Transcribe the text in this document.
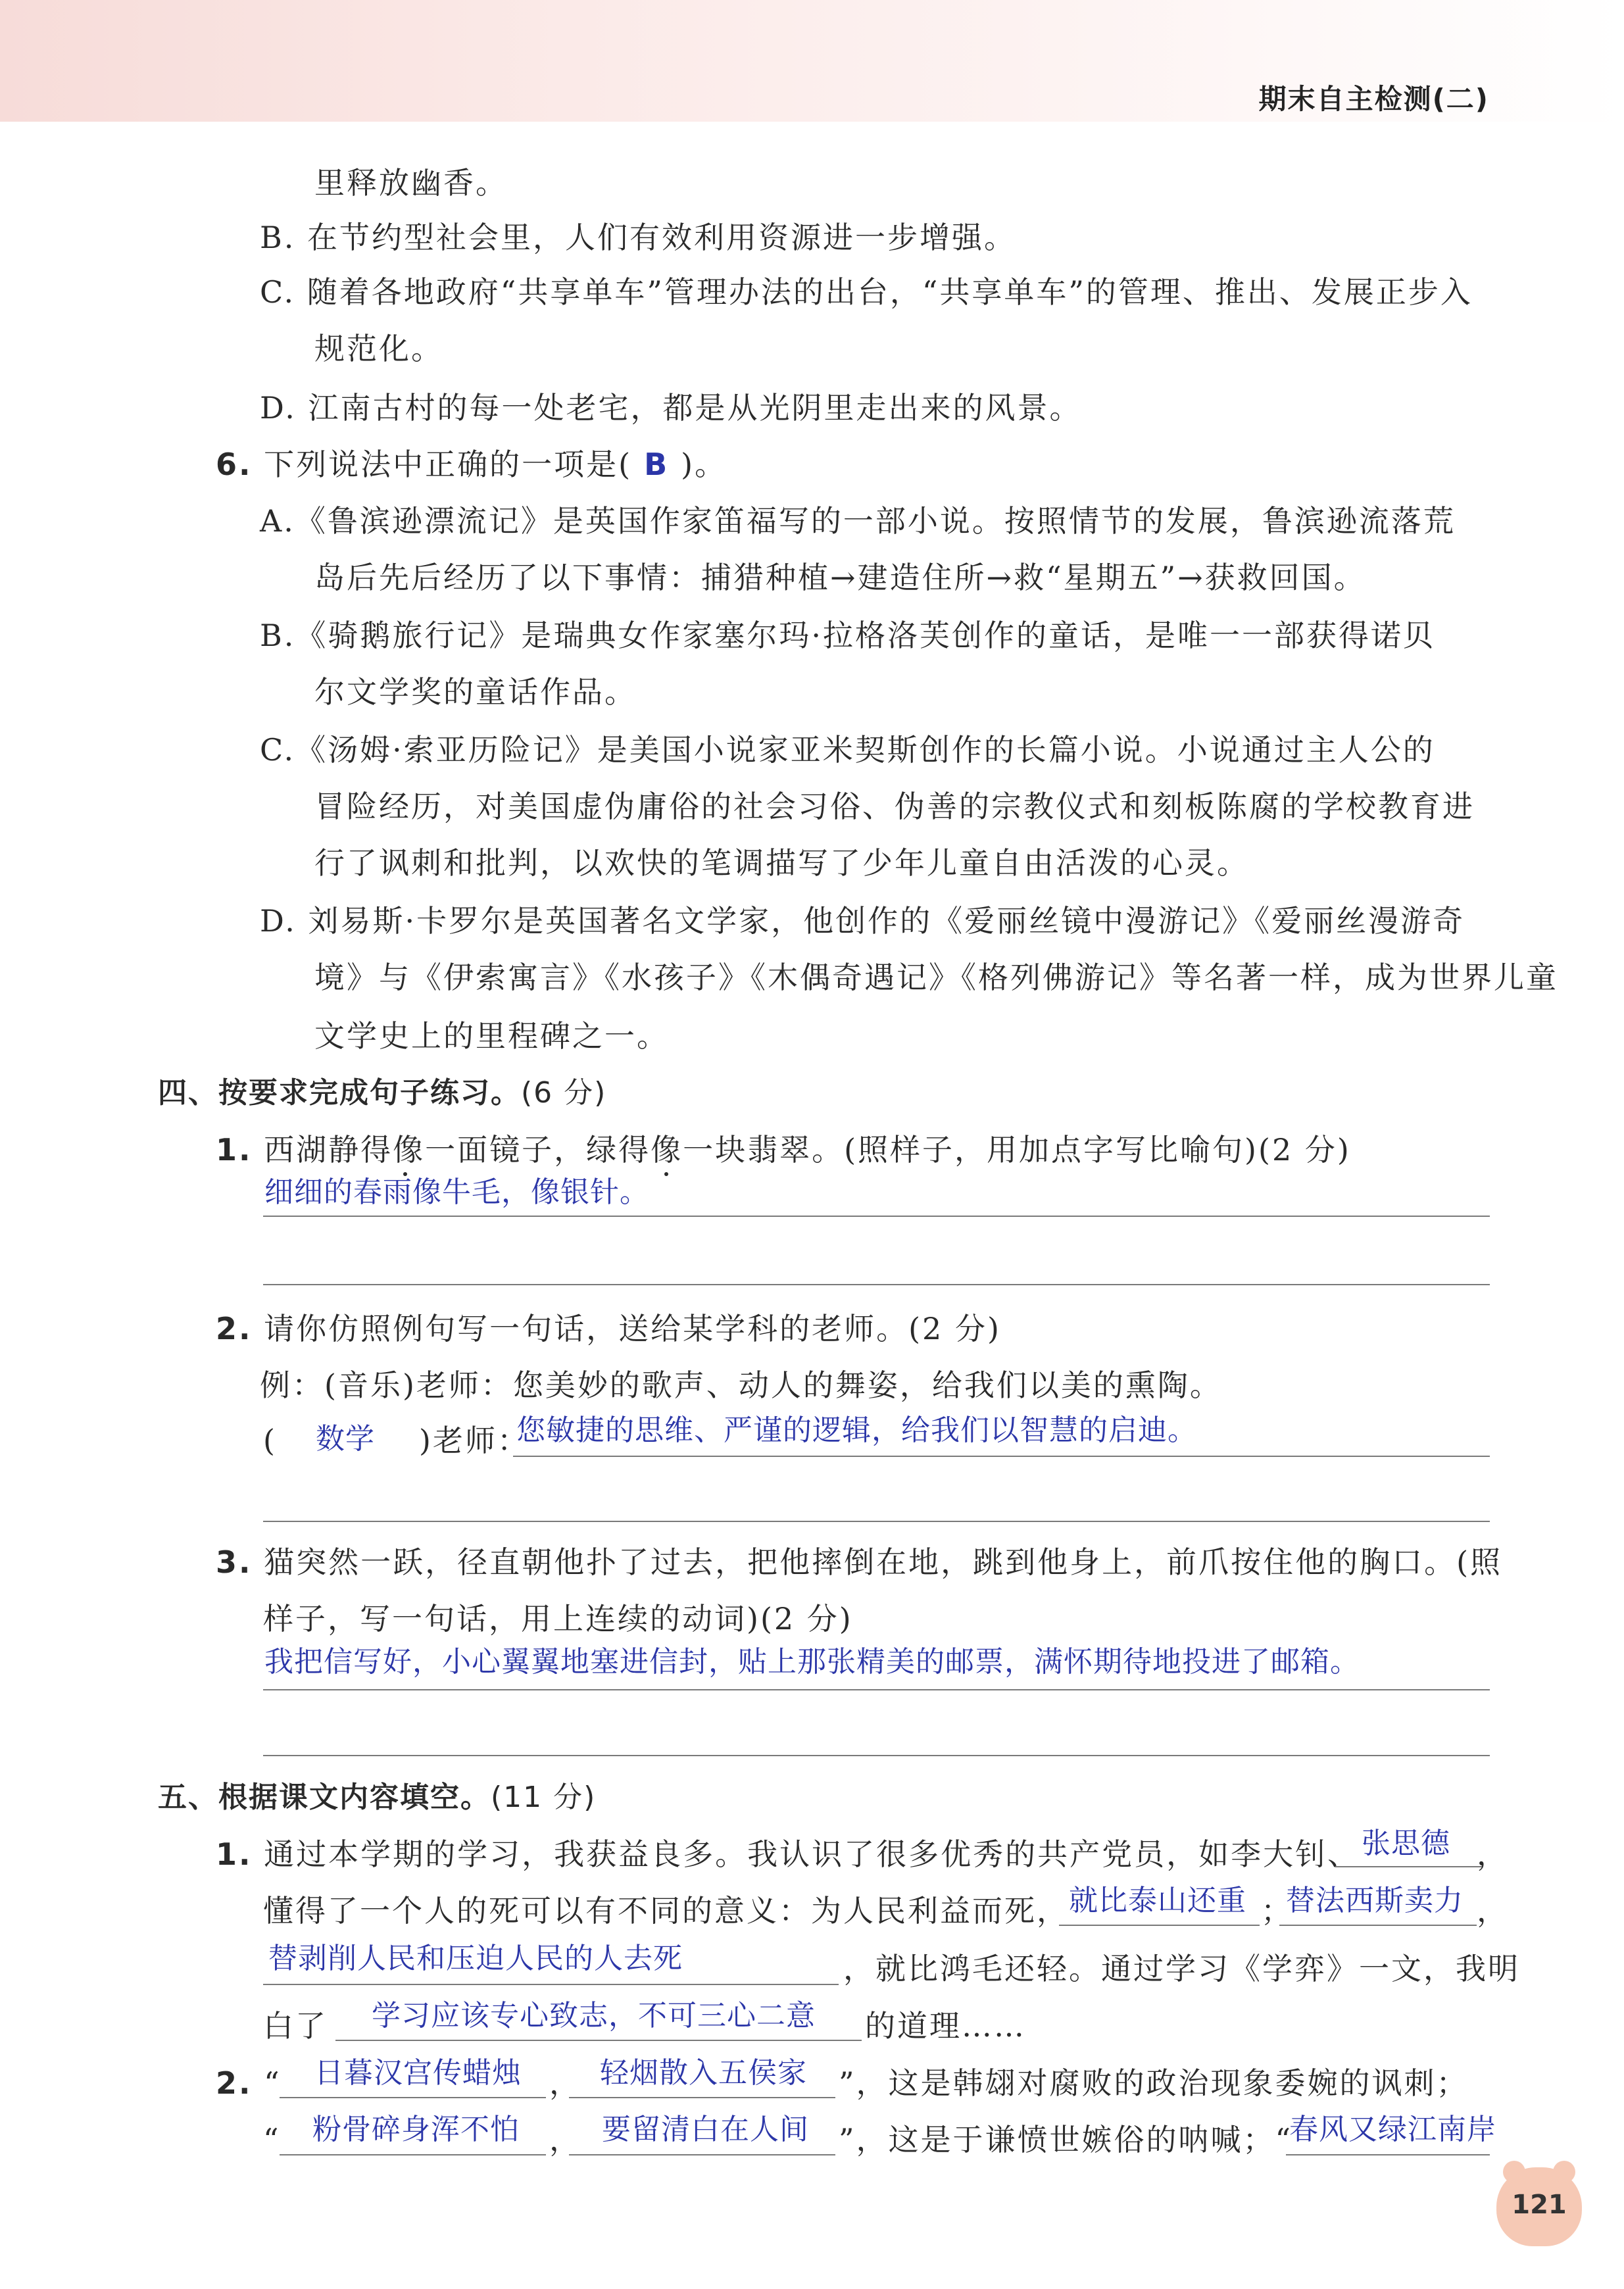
期末自主检测(二)
里释放幽香。
B. 在节约型社会里，人们有效利用资源进一步增强。
C. 随着各地政府“共享单车”管理办法的出台，“共享单车”的管理、推出、发展正步入
规范化。
D. 江南古村的每一处老宅，都是从光阴里走出来的风景。
6. 下列说法中正确的一项是( B )。
A.《鲁滨逊漂流记》是英国作家笛福写的一部小说。按照情节的发展，鲁滨逊流落荒
岛后先后经历了以下事情：捕猎种植→建造住所→救“星期五”→获救回国。
B.《骑鹅旅行记》是瑞典女作家塞尔玛·拉格洛芙创作的童话，是唯一一部获得诺贝
尔文学奖的童话作品。
C.《汤姆·索亚历险记》是美国小说家亚米契斯创作的长篇小说。小说通过主人公的
冒险经历，对美国虚伪庸俗的社会习俗、伪善的宗教仪式和刻板陈腐的学校教育进
行了讽刺和批判，以欢快的笔调描写了少年儿童自由活泼的心灵。
D. 刘易斯·卡罗尔是英国著名文学家，他创作的《爱丽丝镜中漫游记》《爱丽丝漫游奇
境》与《伊索寓言》《水孩子》《木偶奇遇记》《格列佛游记》等名著一样，成为世界儿童
文学史上的里程碑之一。
四、按要求完成句子练习。(6 分)
1. 西湖静得像一面镜子，绿得像一块翡翠。(照样子，用加点字写比喻句)(2 分)
细细的春雨像牛毛，像银针。
2. 请你仿照例句写一句话，送给某学科的老师。(2 分)
例：(音乐)老师：您美妙的歌声、动人的舞姿，给我们以美的熏陶。
( 数学 )老师：
您敏捷的思维、严谨的逻辑，给我们以智慧的启迪。
3. 猫突然一跃，径直朝他扑了过去，把他摔倒在地，跳到他身上，前爪按住他的胸口。(照
样子，写一句话，用上连续的动词)(2 分)
我把信写好，小心翼翼地塞进信封，贴上那张精美的邮票，满怀期待地投进了邮箱。
五、根据课文内容填空。(11 分)
1. 通过本学期的学习，我获益良多。我认识了很多优秀的共产党员，如李大钊、 张思德 ，
懂得了一个人的死可以有不同的意义：为人民利益而死， 就比泰山还重 ；
替法西斯卖力 ，
替剥削人民和压迫人民的人去死	，就比鸿毛还轻。通过学习《学弈》一文，我明
白了 学习应该专心致志，不可三心二意 的道理……
2. “ 日暮汉宫传蜡烛 ， 轻烟散入五侯家 ”，这是韩翃对腐败的政治现象委婉的讽刺；
“ 粉骨碎身浑不怕 ， 要留清白在人间 ”，这是于谦愤世嫉俗的呐喊；“
春风又绿江南岸
121
